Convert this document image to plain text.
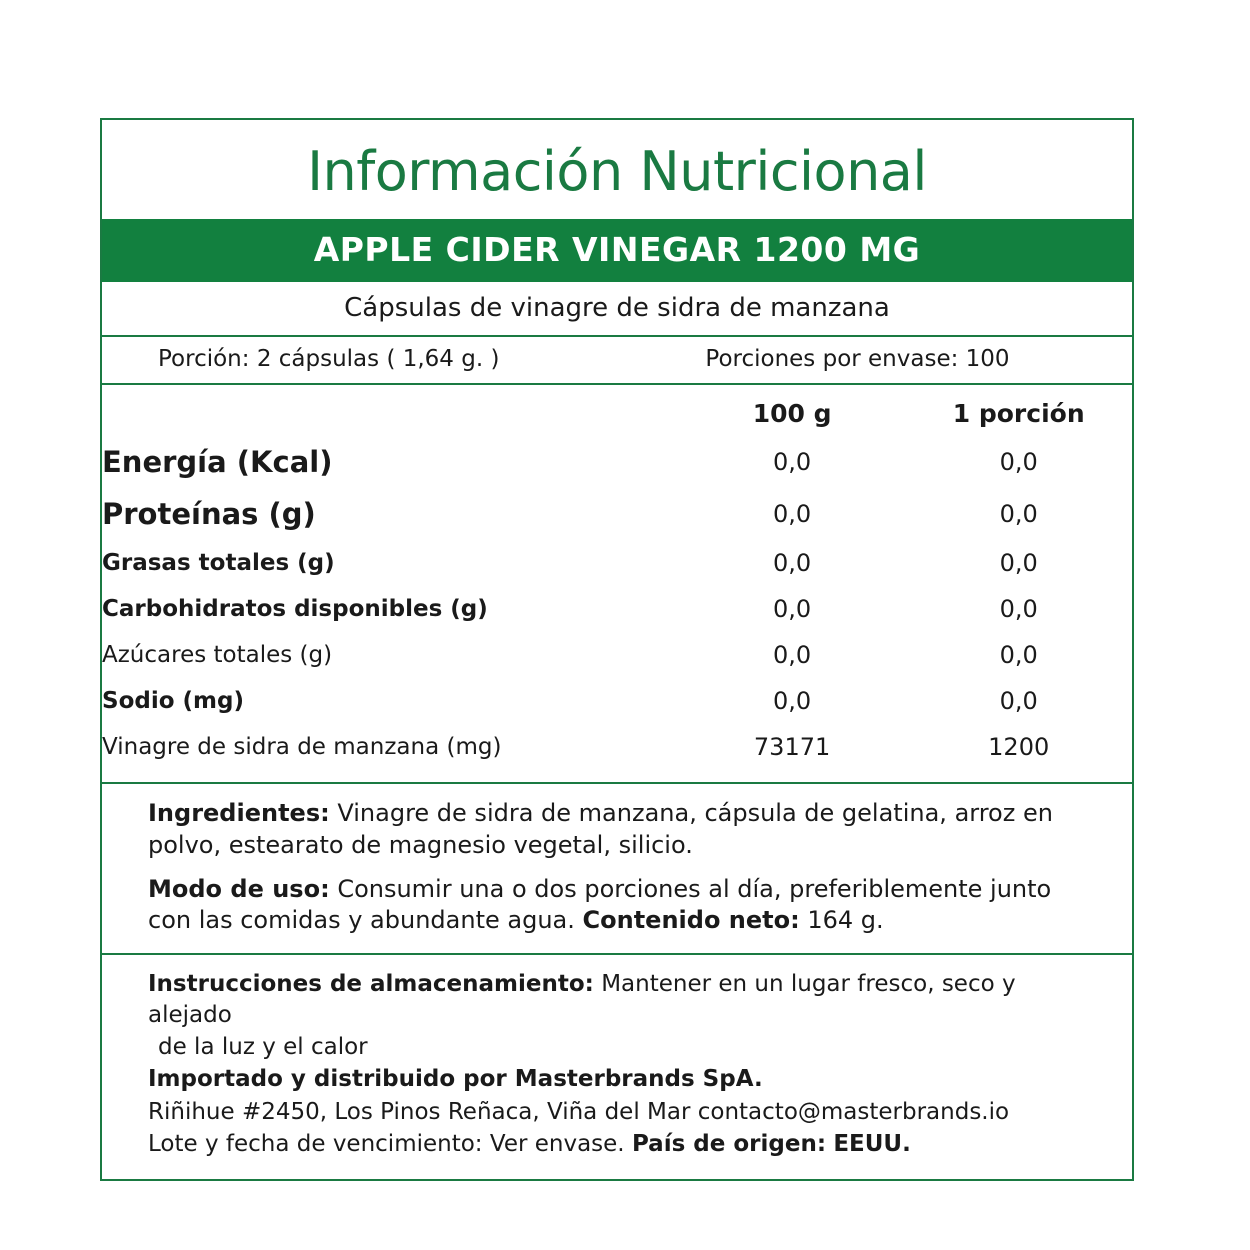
Información Nutricional
APPLE CIDER VINEGAR 1200 MG
Cápsulas de vinagre de sidra de manzana
Porción: 2 cápsulas ( 1,64 g. )	Porciones por envase: 100
	100 g	1 porción
Energía (Kcal)	0,0	0,0
Proteínas (g)	0,0	0,0
Grasas totales (g)	0,0	0,0
Carbohidratos disponibles (g)	0,0	0,0
Azúcares totales (g)	0,0	0,0
Sodio (mg)	0,0	0,0
Vinagre de sidra de manzana (mg)	73171	1200

Ingredientes: Vinagre de sidra de manzana, cápsula de gelatina, arroz en polvo, estearato de magnesio vegetal, silicio.

Modo de uso: Consumir una o dos porciones al día, preferiblemente junto con las comidas y abundante agua. Contenido neto: 164 g.

Instrucciones de almacenamiento: Mantener en un lugar fresco, seco y alejado

de la luz y el calor

Importado y distribuido por Masterbrands SpA.

Riñihue #2450, Los Pinos Reñaca, Viña del Mar contacto@masterbrands.io

Lote y fecha de vencimiento: Ver envase. País de origen: EEUU.
